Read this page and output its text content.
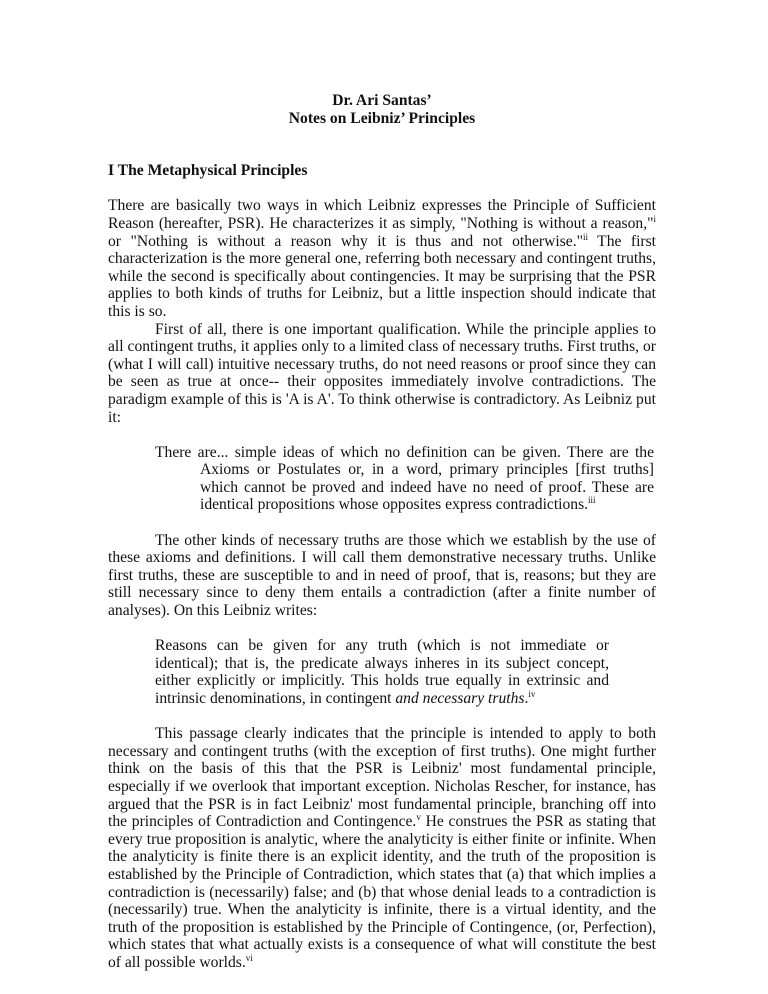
Dr. Ari Santas’

Notes on Leibniz’ Principles

I The Metaphysical Principles

There are basically two ways in which Leibniz expresses the Principle of Sufficient Reason (hereafter, PSR). He characterizes it as simply, "Nothing is without a reason,"$^i$ or "Nothing is without a reason why it is thus and not otherwise."$^{ii}$ The first characterization is the more general one, referring both necessary and contingent truths, while the second is specifically about contingencies. It may be surprising that the PSR applies to both kinds of truths for Leibniz, but a little inspection should indicate that this is so.

First of all, there is one important qualification. While the principle applies to all contingent truths, it applies only to a limited class of necessary truths. First truths, or (what I will call) intuitive necessary truths, do not need reasons or proof since they can be seen as true at once-- their opposites immediately involve contradictions. The paradigm example of this is 'A is A'. To think otherwise is contradictory. As Leibniz put it:

There are... simple ideas of which no definition can be given. There are the Axioms or Postulates or, in a word, primary principles [first truths] which cannot be proved and indeed have no need of proof. These are identical propositions whose opposites express contradictions.$^{iii}$

The other kinds of necessary truths are those which we establish by the use of these axioms and definitions. I will call them demonstrative necessary truths. Unlike first truths, these are susceptible to and in need of proof, that is, reasons; but they are still necessary since to deny them entails a contradiction (after a finite number of analyses). On this Leibniz writes:

Reasons can be given for any truth (which is not immediate or identical); that is, the predicate always inheres in its subject concept, either explicitly or implicitly. This holds true equally in extrinsic and intrinsic denominations, in contingent and necessary truths.$^{iv}$

This passage clearly indicates that the principle is intended to apply to both necessary and contingent truths (with the exception of first truths). One might further think on the basis of this that the PSR is Leibniz' most fundamental principle, especially if we overlook that important exception. Nicholas Rescher, for instance, has argued that the PSR is in fact Leibniz' most fundamental principle, branching off into the principles of Contradiction and Contingence.$^v$ He construes the PSR as stating that every true proposition is analytic, where the analyticity is either finite or infinite. When the analyticity is finite there is an explicit identity, and the truth of the proposition is established by the Principle of Contradiction, which states that (a) that which implies a contradiction is (necessarily) false; and (b) that whose denial leads to a contradiction is (necessarily) true. When the analyticity is infinite, there is a virtual identity, and the truth of the proposition is established by the Principle of Contingence, (or, Perfection), which states that what actually exists is a consequence of what will constitute the best of all possible worlds.$^{vi}$
